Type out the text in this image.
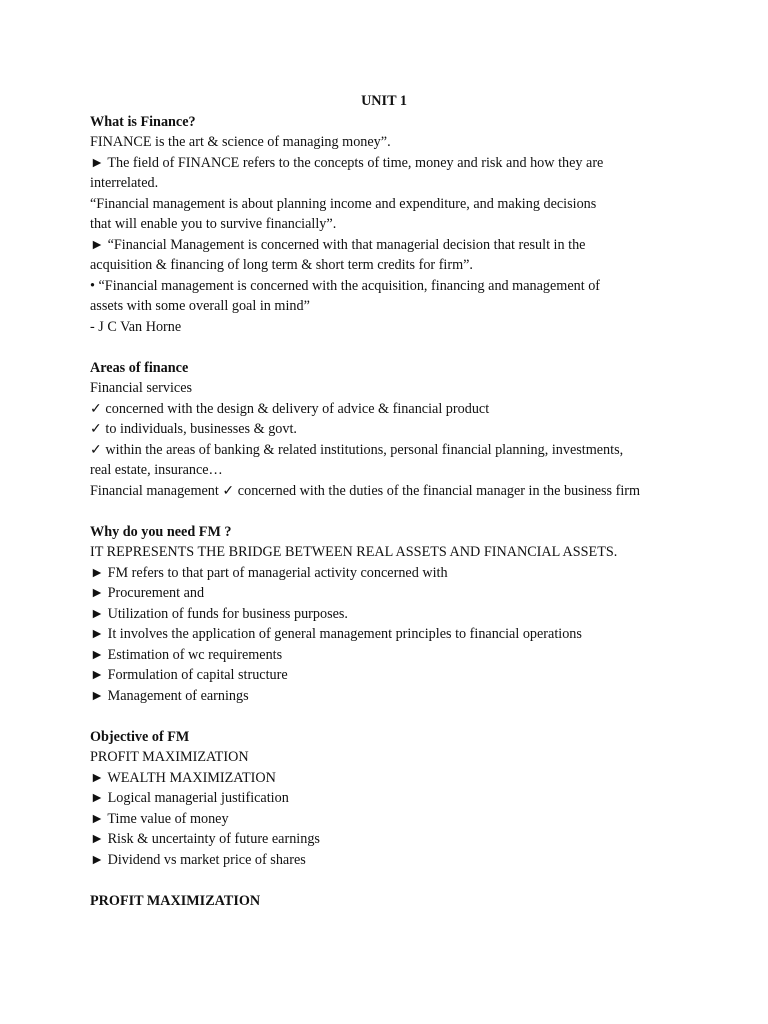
UNIT 1
What is Finance?
FINANCE is the art & science of managing money”.
► The field of FINANCE refers to the concepts of time, money and risk and how they are
interrelated.
“Financial management is about planning income and expenditure, and making decisions
that will enable you to survive financially”.
► “Financial Management is concerned with that managerial decision that result in the
acquisition & financing of long term & short term credits for firm”.
• “Financial management is concerned with the acquisition, financing and management of
assets with some overall goal in mind”
- J C Van Horne
Areas of finance
Financial services
✓ concerned with the design & delivery of advice & financial product
✓ to individuals, businesses & govt.
✓ within the areas of banking & related institutions, personal financial planning, investments,
real estate, insurance…
Financial management ✓ concerned with the duties of the financial manager in the business firm
Why do you need FM ?
IT REPRESENTS THE BRIDGE BETWEEN REAL ASSETS AND FINANCIAL ASSETS.
► FM refers to that part of managerial activity concerned with
► Procurement and
► Utilization of funds for business purposes.
► It involves the application of general management principles to financial operations
► Estimation of wc requirements
► Formulation of capital structure
► Management of earnings
Objective of FM
PROFIT MAXIMIZATION
► WEALTH MAXIMIZATION
► Logical managerial justification
► Time value of money
► Risk & uncertainty of future earnings
► Dividend vs market price of shares
PROFIT MAXIMIZATION
